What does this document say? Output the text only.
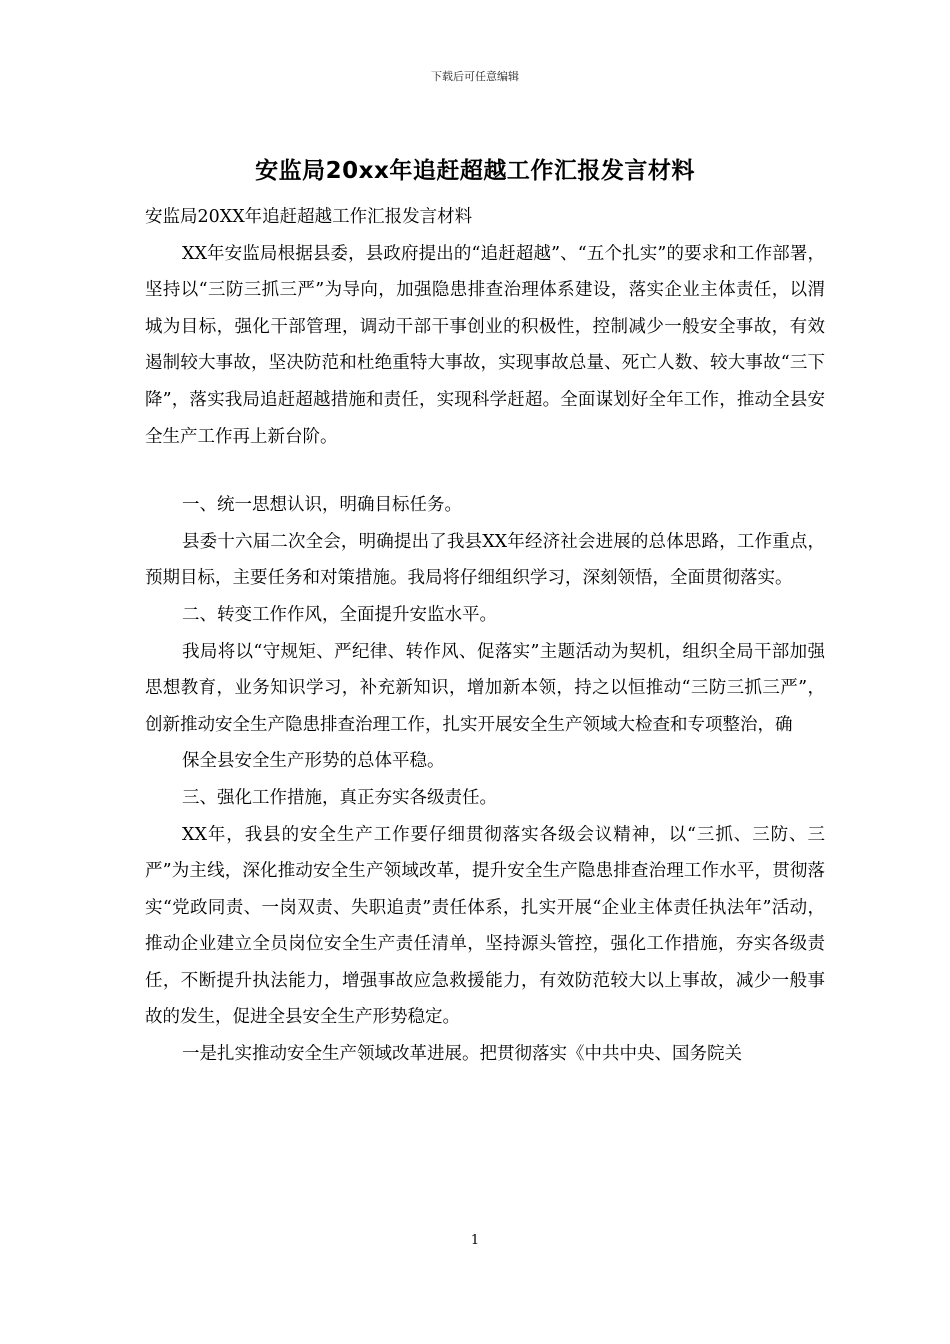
下载后可任意编辑
安监局20xx年追赶超越工作汇报发言材料

安监局20XX年追赶超越工作汇报发言材料

XX年安监局根据县委，县政府提出的“追赶超越”、“五个扎实”的要求和工作部署，坚持以“三防三抓三严”为导向，加强隐患排查治理体系建设，落实企业主体责任，以渭城为目标，强化干部管理，调动干部干事创业的积极性，控制减少一般安全事故，有效遏制较大事故，坚决防范和杜绝重特大事故，实现事故总量、死亡人数、较大事故“三下降”，落实我局追赶超越措施和责任，实现科学赶超。全面谋划好全年工作，推动全县安全生产工作再上新台阶。

一、统一思想认识，明确目标任务。

县委十六届二次全会，明确提出了我县XX年经济社会进展的总体思路，工作重点，预期目标，主要任务和对策措施。我局将仔细组织学习，深刻领悟，全面贯彻落实。

二、转变工作作风，全面提升安监水平。

我局将以“守规矩、严纪律、转作风、促落实”主题活动为契机，组织全局干部加强思想教育，业务知识学习，补充新知识，增加新本领，持之以恒推动“三防三抓三严”，创新推动安全生产隐患排查治理工作，扎实开展安全生产领域大检查和专项整治，确

保全县安全生产形势的总体平稳。

三、强化工作措施，真正夯实各级责任。

XX年，我县的安全生产工作要仔细贯彻落实各级会议精神，以“三抓、三防、三严”为主线，深化推动安全生产领域改革，提升安全生产隐患排查治理工作水平，贯彻落实“党政同责、一岗双责、失职追责”责任体系，扎实开展“企业主体责任执法年”活动，推动企业建立全员岗位安全生产责任清单，坚持源头管控，强化工作措施，夯实各级责任，不断提升执法能力，增强事故应急救援能力，有效防范较大以上事故，减少一般事故的发生，促进全县安全生产形势稳定。

一是扎实推动安全生产领域改革进展。把贯彻落实《中共中央、国务院关

1
